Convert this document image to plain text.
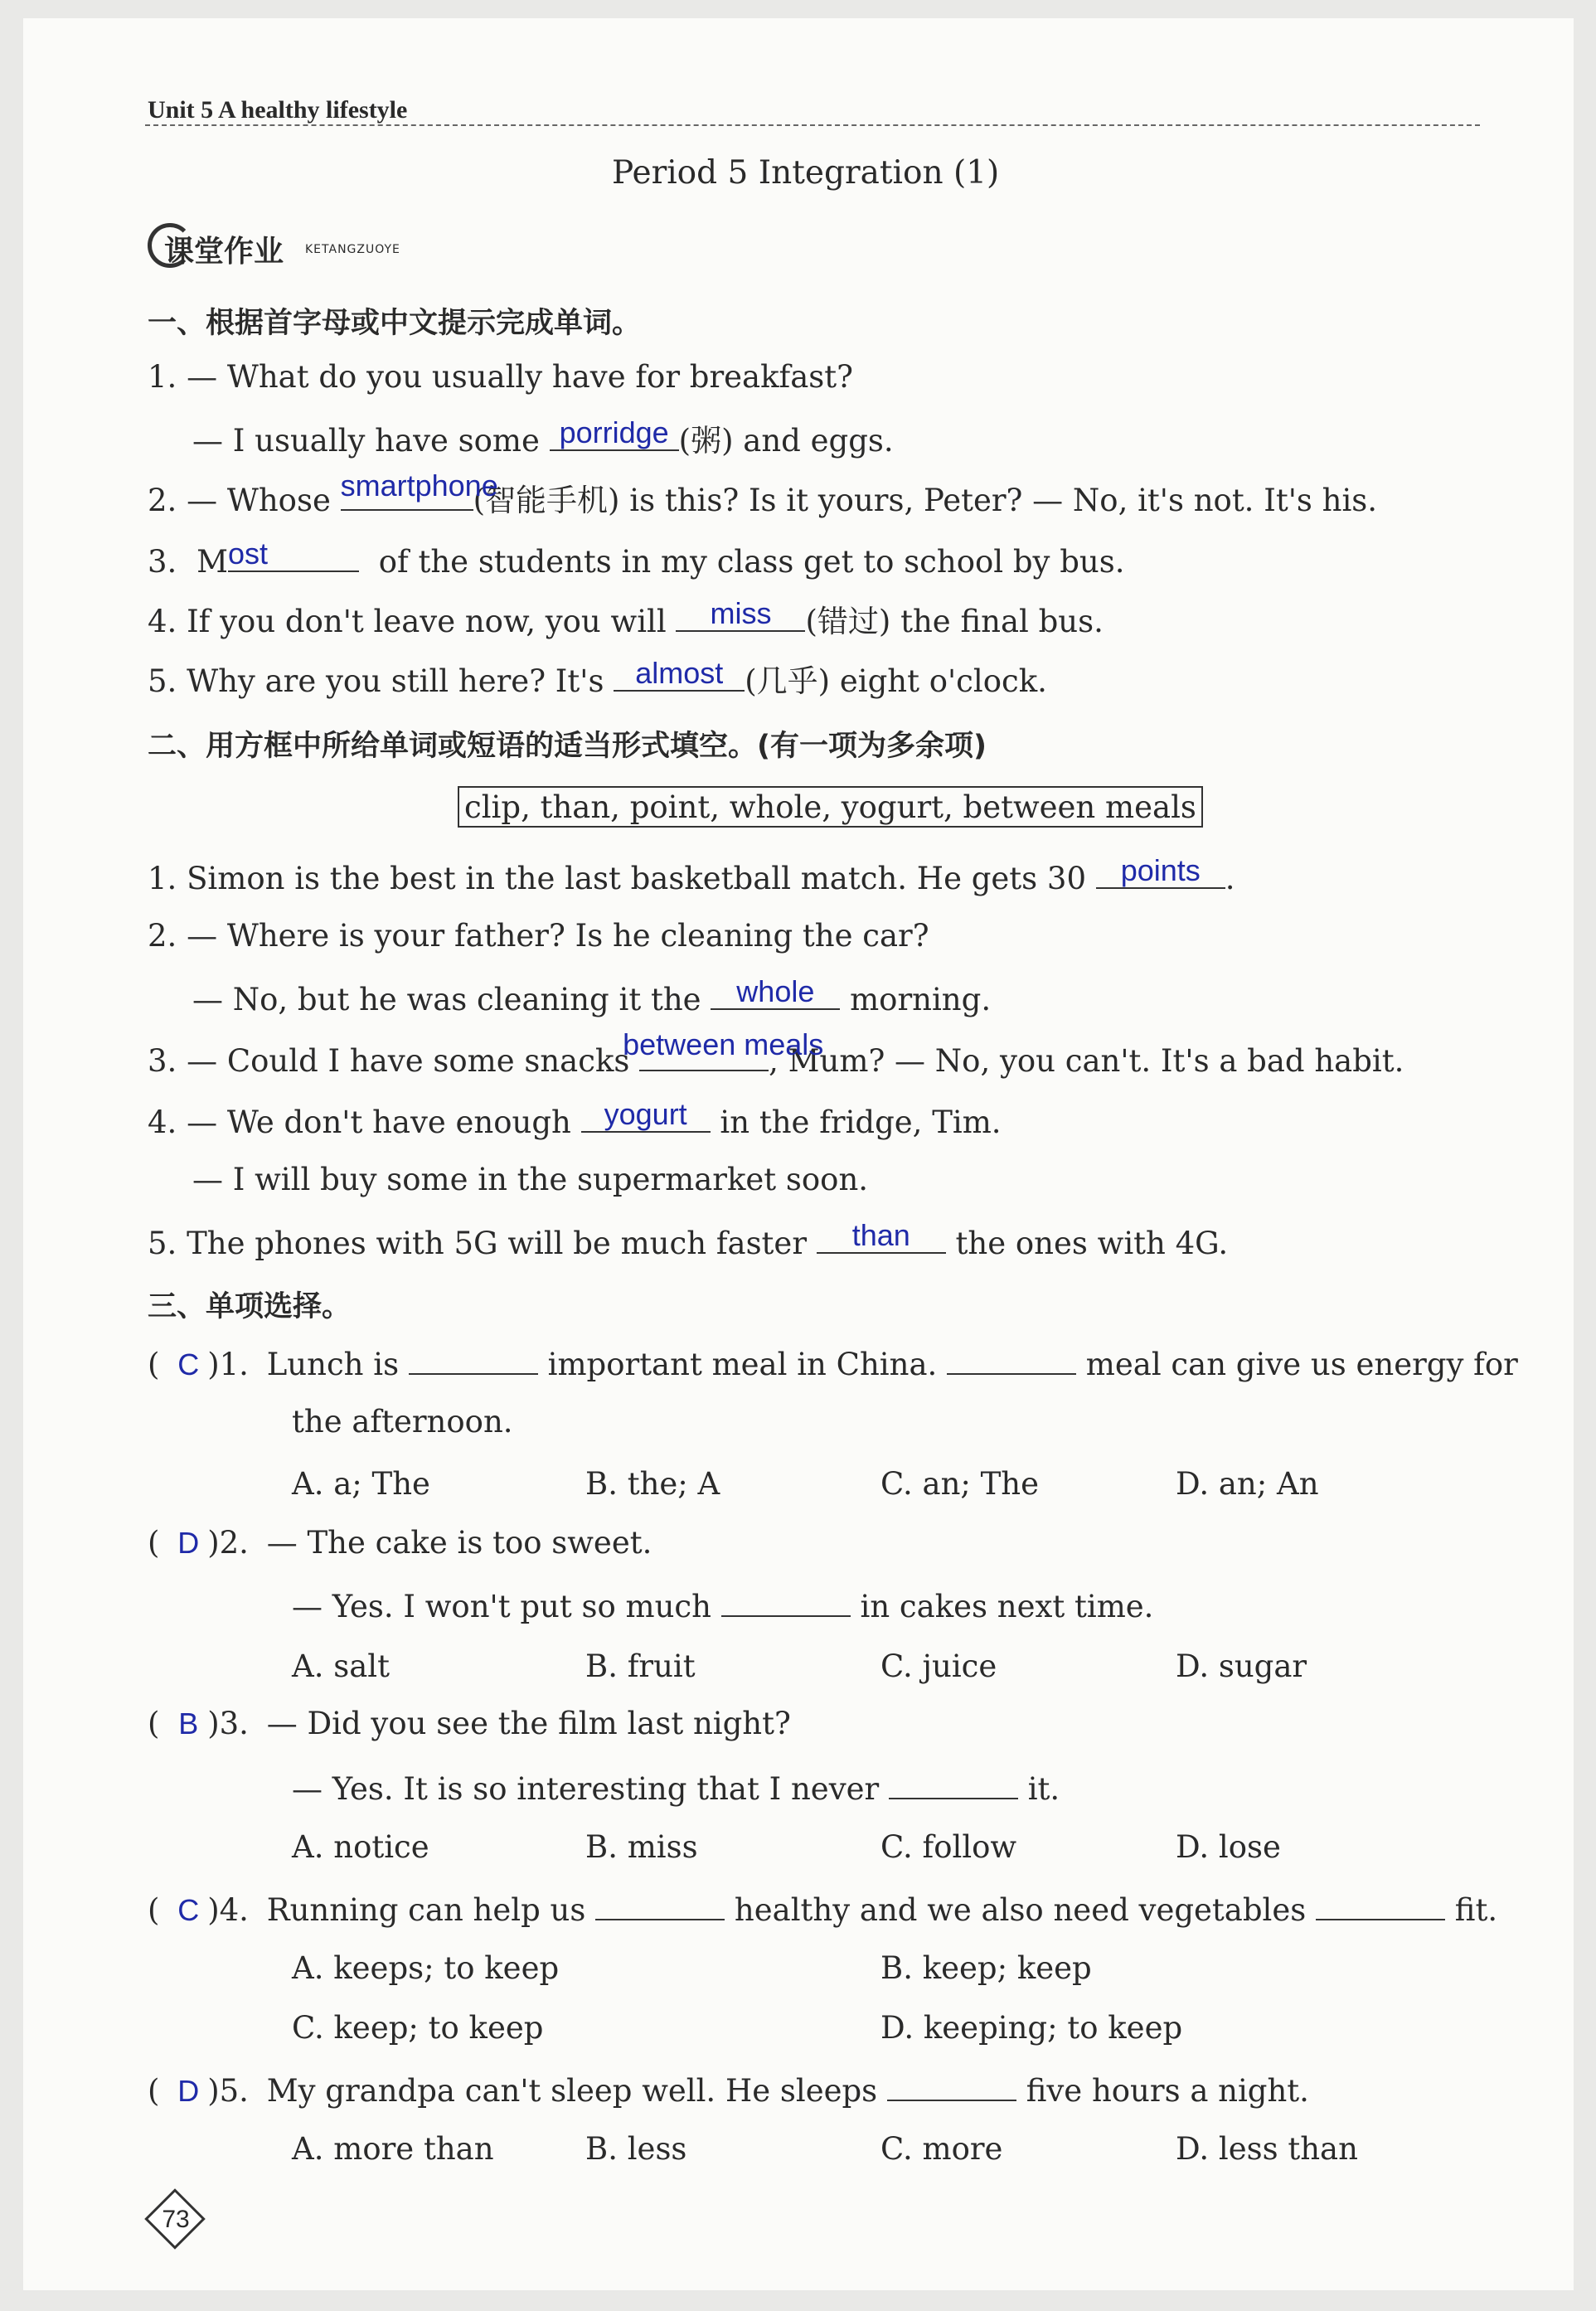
Unit 5 A healthy lifestyle
Period 5 Integration (1)
课堂作业 KETANGZUOYE
一、根据首字母或中文提示完成单词。
1. — What do you usually have for breakfast?
— I usually have some porridge (粥) and eggs.
2. — Whose smartphone
(智能手机) is this? Is it yours, Peter? — No, it's not. It's his.
3. M ost	of the students in my class get to school by bus.
4. If you don't leave now, you will	miss	(错过) the final bus.
5. Why are you still here? It's	almost (几乎) eight o'clock.
二、用方框中所给单词或短语的适当形式填空。(有一项为多余项)
clip, than, point, whole, yogurt, between meals
1. Simon is the best in the last basketball match. He gets 30	points .
2. — Where is your father? Is he cleaning the car?
— No, but he was cleaning it the	whole	morning.
3. — Could I have some snacks
between meals
, Mum? — No, you can't. It's a bad habit.
4. — We don't have enough	yogurt	in the fridge, Tim.
— I will buy some in the supermarket soon.
5. The phones with 5G will be much faster	than	the ones with 4G.
三、单项选择。
( C )1. Lunch is	important meal in China.	meal can give us energy for
the afternoon.
A. a; The	B. the; A	C. an; The	D. an; An
( D )2. — The cake is too sweet.
— Yes. I won't put so much	in cakes next time.
A. salt	B. fruit	C. juice	D. sugar
( B )3. — Did you see the film last night?
— Yes. It is so interesting that I never	it.
A. notice	B. miss	C. follow	D. lose
( C )4. Running can help us	healthy and we also need vegetables	fit.
A. keeps; to keep	B. keep; keep
C. keep; to keep	D. keeping; to keep
( D )5. My grandpa can't sleep well. He sleeps	five hours a night.
A. more than	B. less	C. more	D. less than
73
